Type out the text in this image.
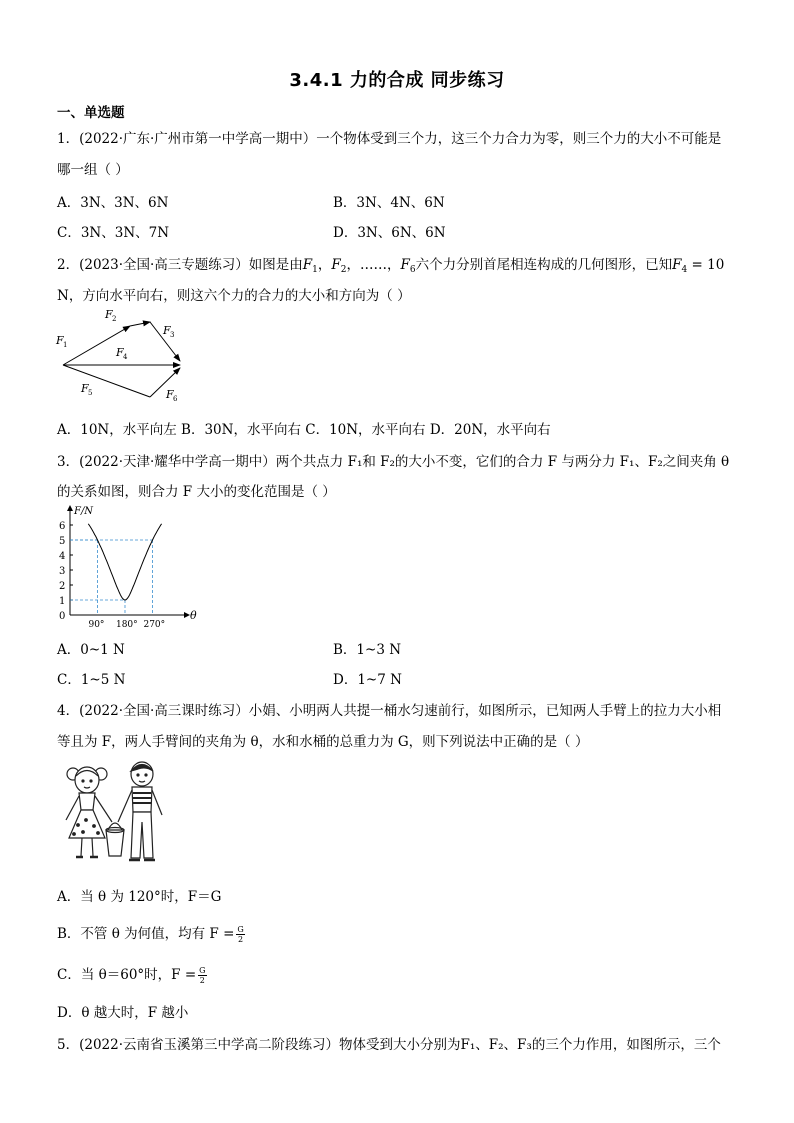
3.4.1 力的合成 同步练习
一、单选题
1．(2022·广东·广州市第一中学高一期中）一个物体受到三个力，这三个力合力为零，则三个力的大小不可能是
哪一组（ ）
A．3N、3N、6N	B．3N、4N、6N
C．3N、3N、7N	D．3N、6N、6N
2．(2023·全国·高三专题练习）如图是由$F_1$，$F_2$，……，$F_6$六个力分别首尾相连构成的几何图形，已知$F_4 = 10$
N，方向水平向右，则这六个力的合力的大小和方向为（ ）
F 1
F 2
F 3
F 4
F 5	F 6
A．10N，水平向左 B．30N，水平向右 C．10N，水平向右 D．20N，水平向右
3．(2022·天津·耀华中学高一期中）两个共点力 F₁和 F₂的大小不变，它们的合力 F 与两分力 F₁、F₂之间夹角 θ
的关系如图，则合力 F 大小的变化范围是（ ）
F/N
θ
0
1
2
3
4
5
6
90° 180° 270°
A．0~1 N	B．1~3 N
C．1~5 N	D．1~7 N
4．(2022·全国·高三课时练习）小娟、小明两人共提一桶水匀速前行，如图所示，已知两人手臂上的拉力大小相
等且为 F，两人手臂间的夹角为 θ，水和水桶的总重力为 G，则下列说法中正确的是（ ）
A．当 θ 为 120°时，F＝G
B．不管 θ 为何值，均有 $F = \frac{G}{2}$
C．当 θ＝60°时，$F = \frac{G}{2}$
D．θ 越大时，F 越小
5．(2022·云南省玉溪第三中学高二阶段练习）物体受到大小分别为F₁、F₂、F₃的三个力作用，如图所示，三个
